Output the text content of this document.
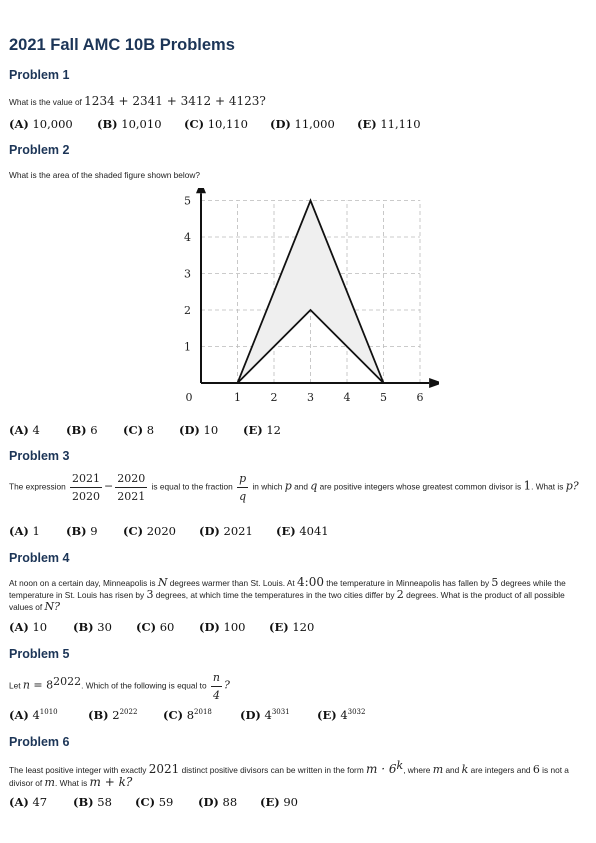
2021 Fall AMC 10B Problems
Problem 1
What is the value of 1234 + 2341 + 3412 + 4123?
(A) 10,000 (B) 10,010 (C) 10,110 (D) 11,000 (E) 11,110
Problem 2
What is the area of the shaded figure shown below?
0	1	2	3	4	5	6
1
2
3
4
5
(A) 4 (B) 6 (C) 8 (D) 10 (E) 12
Problem 3
The expression $\frac{2021}{2020} - \frac{2020}{2021}$ is equal to the fraction $\frac{p}{q}$ in which p and q are positive integers whose greatest common divisor is 1. What is p?
(A) 1 (B) 9 (C) 2020 (D) 2021 (E) 4041
Problem 4
At noon on a certain day, Minneapolis is N degrees warmer than St. Louis. At 4:00 the temperature in Minneapolis has fallen by 5 degrees while the temperature in St. Louis has risen by 3 degrees, at which time the temperatures in the two cities differ by 2 degrees. What is the product of all possible values of N?
(A) 10 (B) 30 (C) 60 (D) 100 (E) 120
Problem 5
Let $n = 8^{2022}$. Which of the following is equal to $\frac{n}{4}$ ?
(A) $4^{1010}$	(B) $2^{2022}$ (C) $8^{2018}$ (D) $4^{3031}$ (E) $4^{3032}$
Problem 6
The least positive integer with exactly 2021 distinct positive divisors can be written in the form $m \cdot 6^k$, where m and k are integers and 6 is not a divisor of m. What is m + k?
(A) 47 (B) 58 (C) 59 (D) 88 (E) 90
